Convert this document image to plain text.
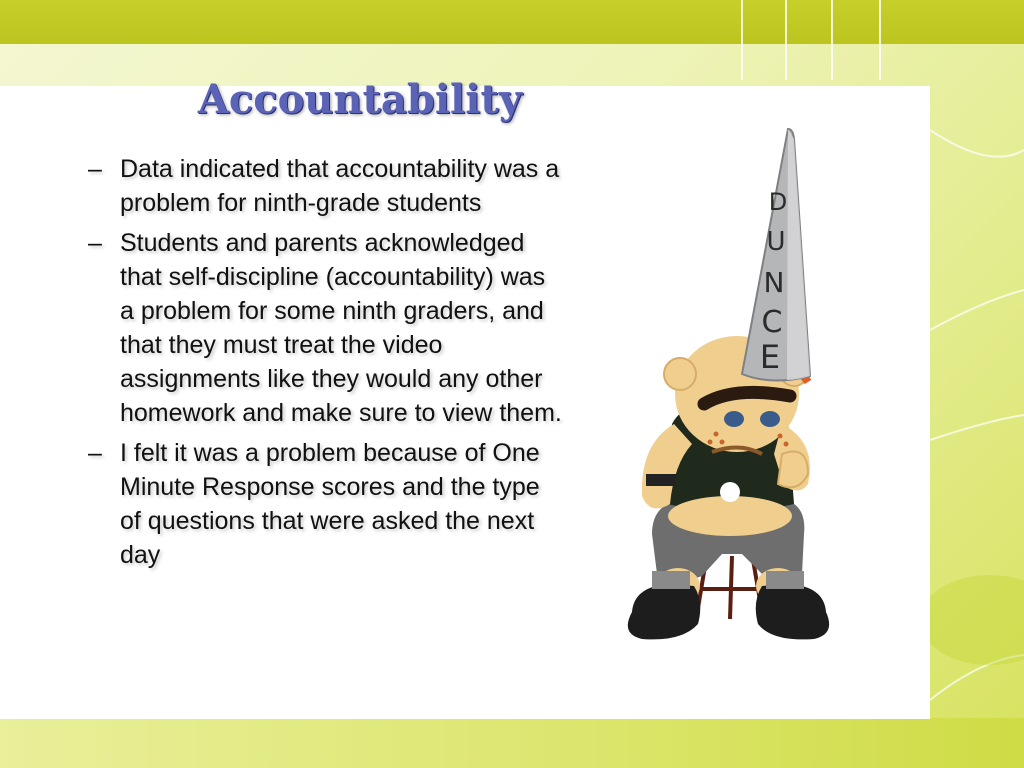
Accountability
– Data indicated that accountability was a problem for ninth-grade students
– Students and parents acknowledged that self-discipline (accountability) was a problem for some ninth graders, and that they must treat the video assignments like they would any other homework and make sure to view them.
– I felt it was a problem because of One Minute Response scores and the type of questions that were asked the next day
D
U
N
C
E
